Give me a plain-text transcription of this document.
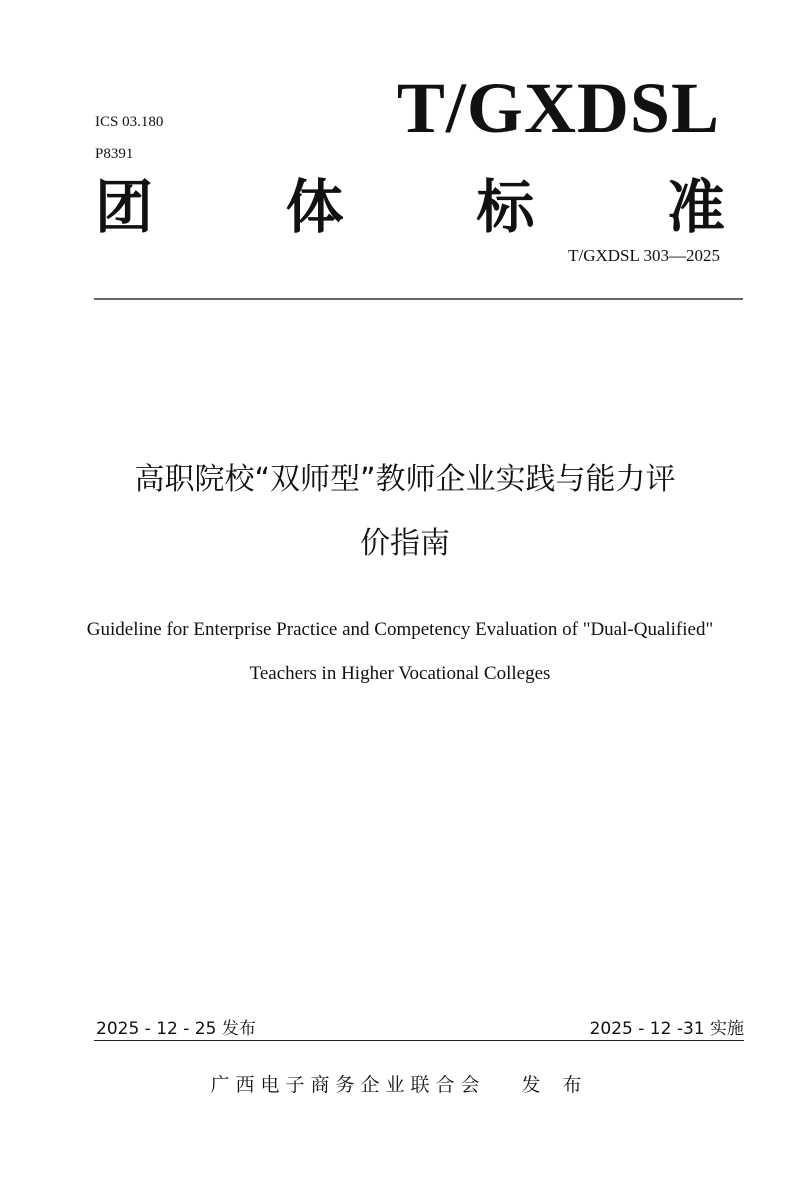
ICS 03.180
P8391
T/GXDSL
团 体 标 准
T/GXDSL 303—2025
高职院校“双师型”教师企业实践与能力评
价指南
Guideline for Enterprise Practice and Competency Evaluation of "Dual-Qualified"
Teachers in Higher Vocational Colleges
2025 - 12 - 25 发布	2025 - 12 -31 实施
广西电子商务企业联合会 发 布
